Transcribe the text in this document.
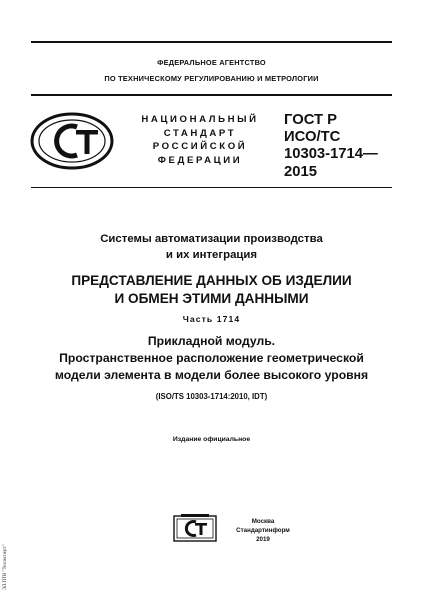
ФЕДЕРАЛЬНОЕ АГЕНТСТВО
ПО ТЕХНИЧЕСКОМУ РЕГУЛИРОВАНИЮ И МЕТРОЛОГИИ
НАЦИОНАЛЬНЫЙ
СТАНДАРТ
РОССИЙСКОЙ
ФЕДЕРАЦИИ
ГОСТ Р
ИСО/ТС
10303-1714—
2015
Системы автоматизации производства
и их интеграция
ПРЕДСТАВЛЕНИЕ ДАННЫХ ОБ ИЗДЕЛИИ
И ОБМЕН ЭТИМИ ДАННЫМИ
Часть 1714
Прикладной модуль.
Пространственное расположение геометрической
модели элемента в модели более высокого уровня
(ISO/TS 10303-1714:2010, IDT)
Издание официальное
Москва
Стандартинформ
2019
ЭЛ.ПТВ "Техэксперт"
